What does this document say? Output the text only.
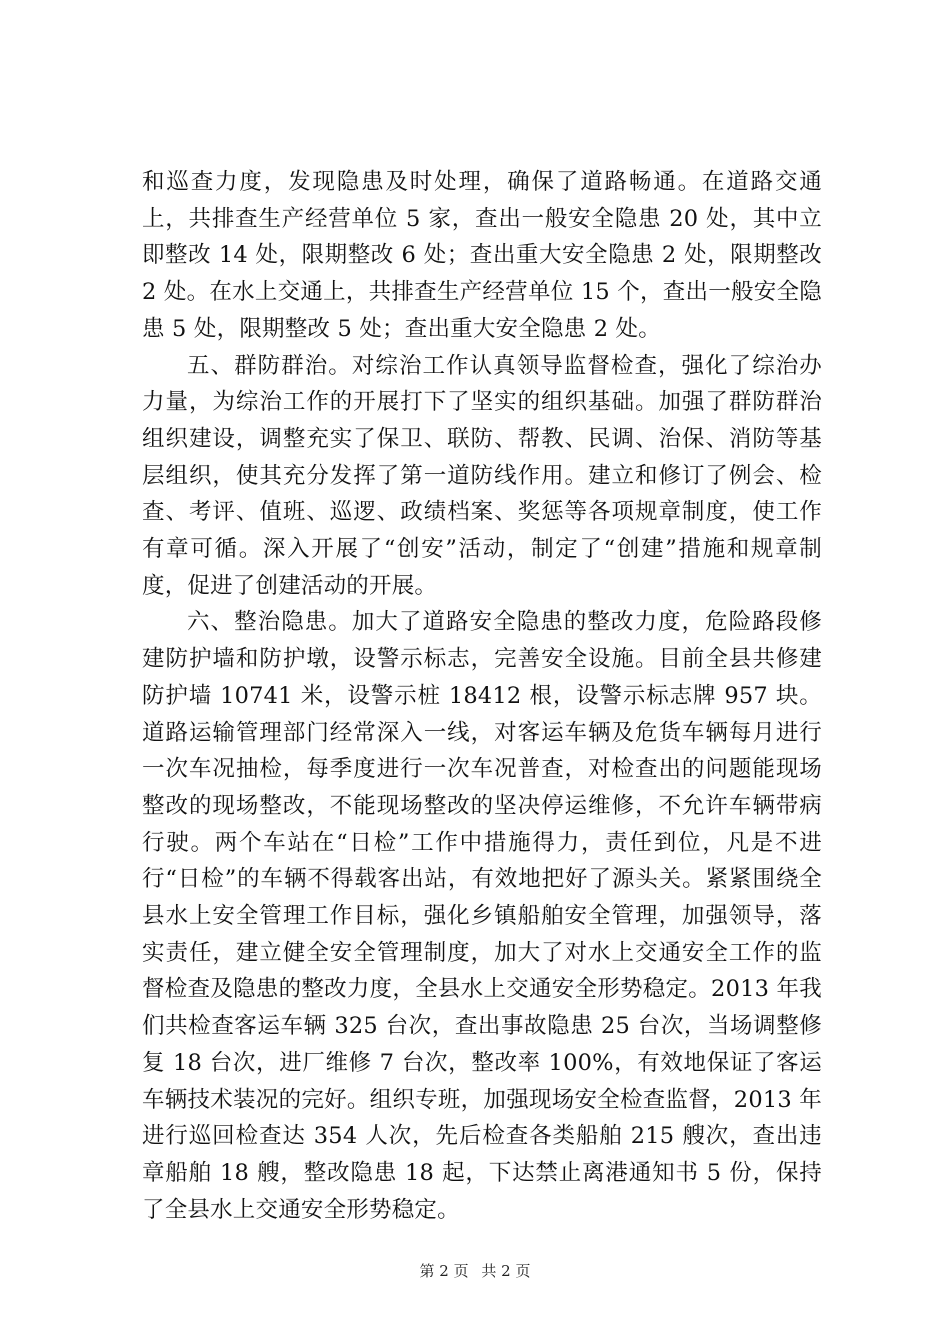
和巡查力度，发现隐患及时处理，确保了道路畅通。在道路交通上，共排查生产经营单位 5 家，查出一般安全隐患 20 处，其中立即整改 14 处，限期整改 6 处；查出重大安全隐患 2 处，限期整改 2 处。在水上交通上，共排查生产经营单位 15 个，查出一般安全隐患 5 处，限期整改 5 处；查出重大安全隐患 2 处。

五、群防群治。对综治工作认真领导监督检查，强化了综治办力量，为综治工作的开展打下了坚实的组织基础。加强了群防群治组织建设，调整充实了保卫、联防、帮教、民调、治保、消防等基层组织，使其充分发挥了第一道防线作用。建立和修订了例会、检查、考评、值班、巡逻、政绩档案、奖惩等各项规章制度，使工作有章可循。深入开展了“创安”活动，制定了“创建”措施和规章制度，促进了创建活动的开展。

六、整治隐患。加大了道路安全隐患的整改力度，危险路段修建防护墙和防护墩，设警示标志，完善安全设施。目前全县共修建防护墙 10741 米，设警示桩 18412 根，设警示标志牌 957 块。道路运输管理部门经常深入一线，对客运车辆及危货车辆每月进行一次车况抽检，每季度进行一次车况普查，对检查出的问题能现场整改的现场整改，不能现场整改的坚决停运维修，不允许车辆带病行驶。两个车站在“日检”工作中措施得力，责任到位，凡是不进行“日检”的车辆不得载客出站，有效地把好了源头关。紧紧围绕全县水上安全管理工作目标，强化乡镇船舶安全管理，加强领导，落实责任，建立健全安全管理制度，加大了对水上交通安全工作的监督检查及隐患的整改力度，全县水上交通安全形势稳定。2013 年我们共检查客运车辆 325 台次，查出事故隐患 25 台次，当场调整修复 18 台次，进厂维修 7 台次，整改率 100%，有效地保证了客运车辆技术装况的完好。组织专班，加强现场安全检查监督，2013 年进行巡回检查达 354 人次，先后检查各类船舶 215 艘次，查出违章船舶 18 艘，整改隐患 18 起，下达禁止离港通知书 5 份，保持了全县水上交通安全形势稳定。

第 2 页 共 2 页
